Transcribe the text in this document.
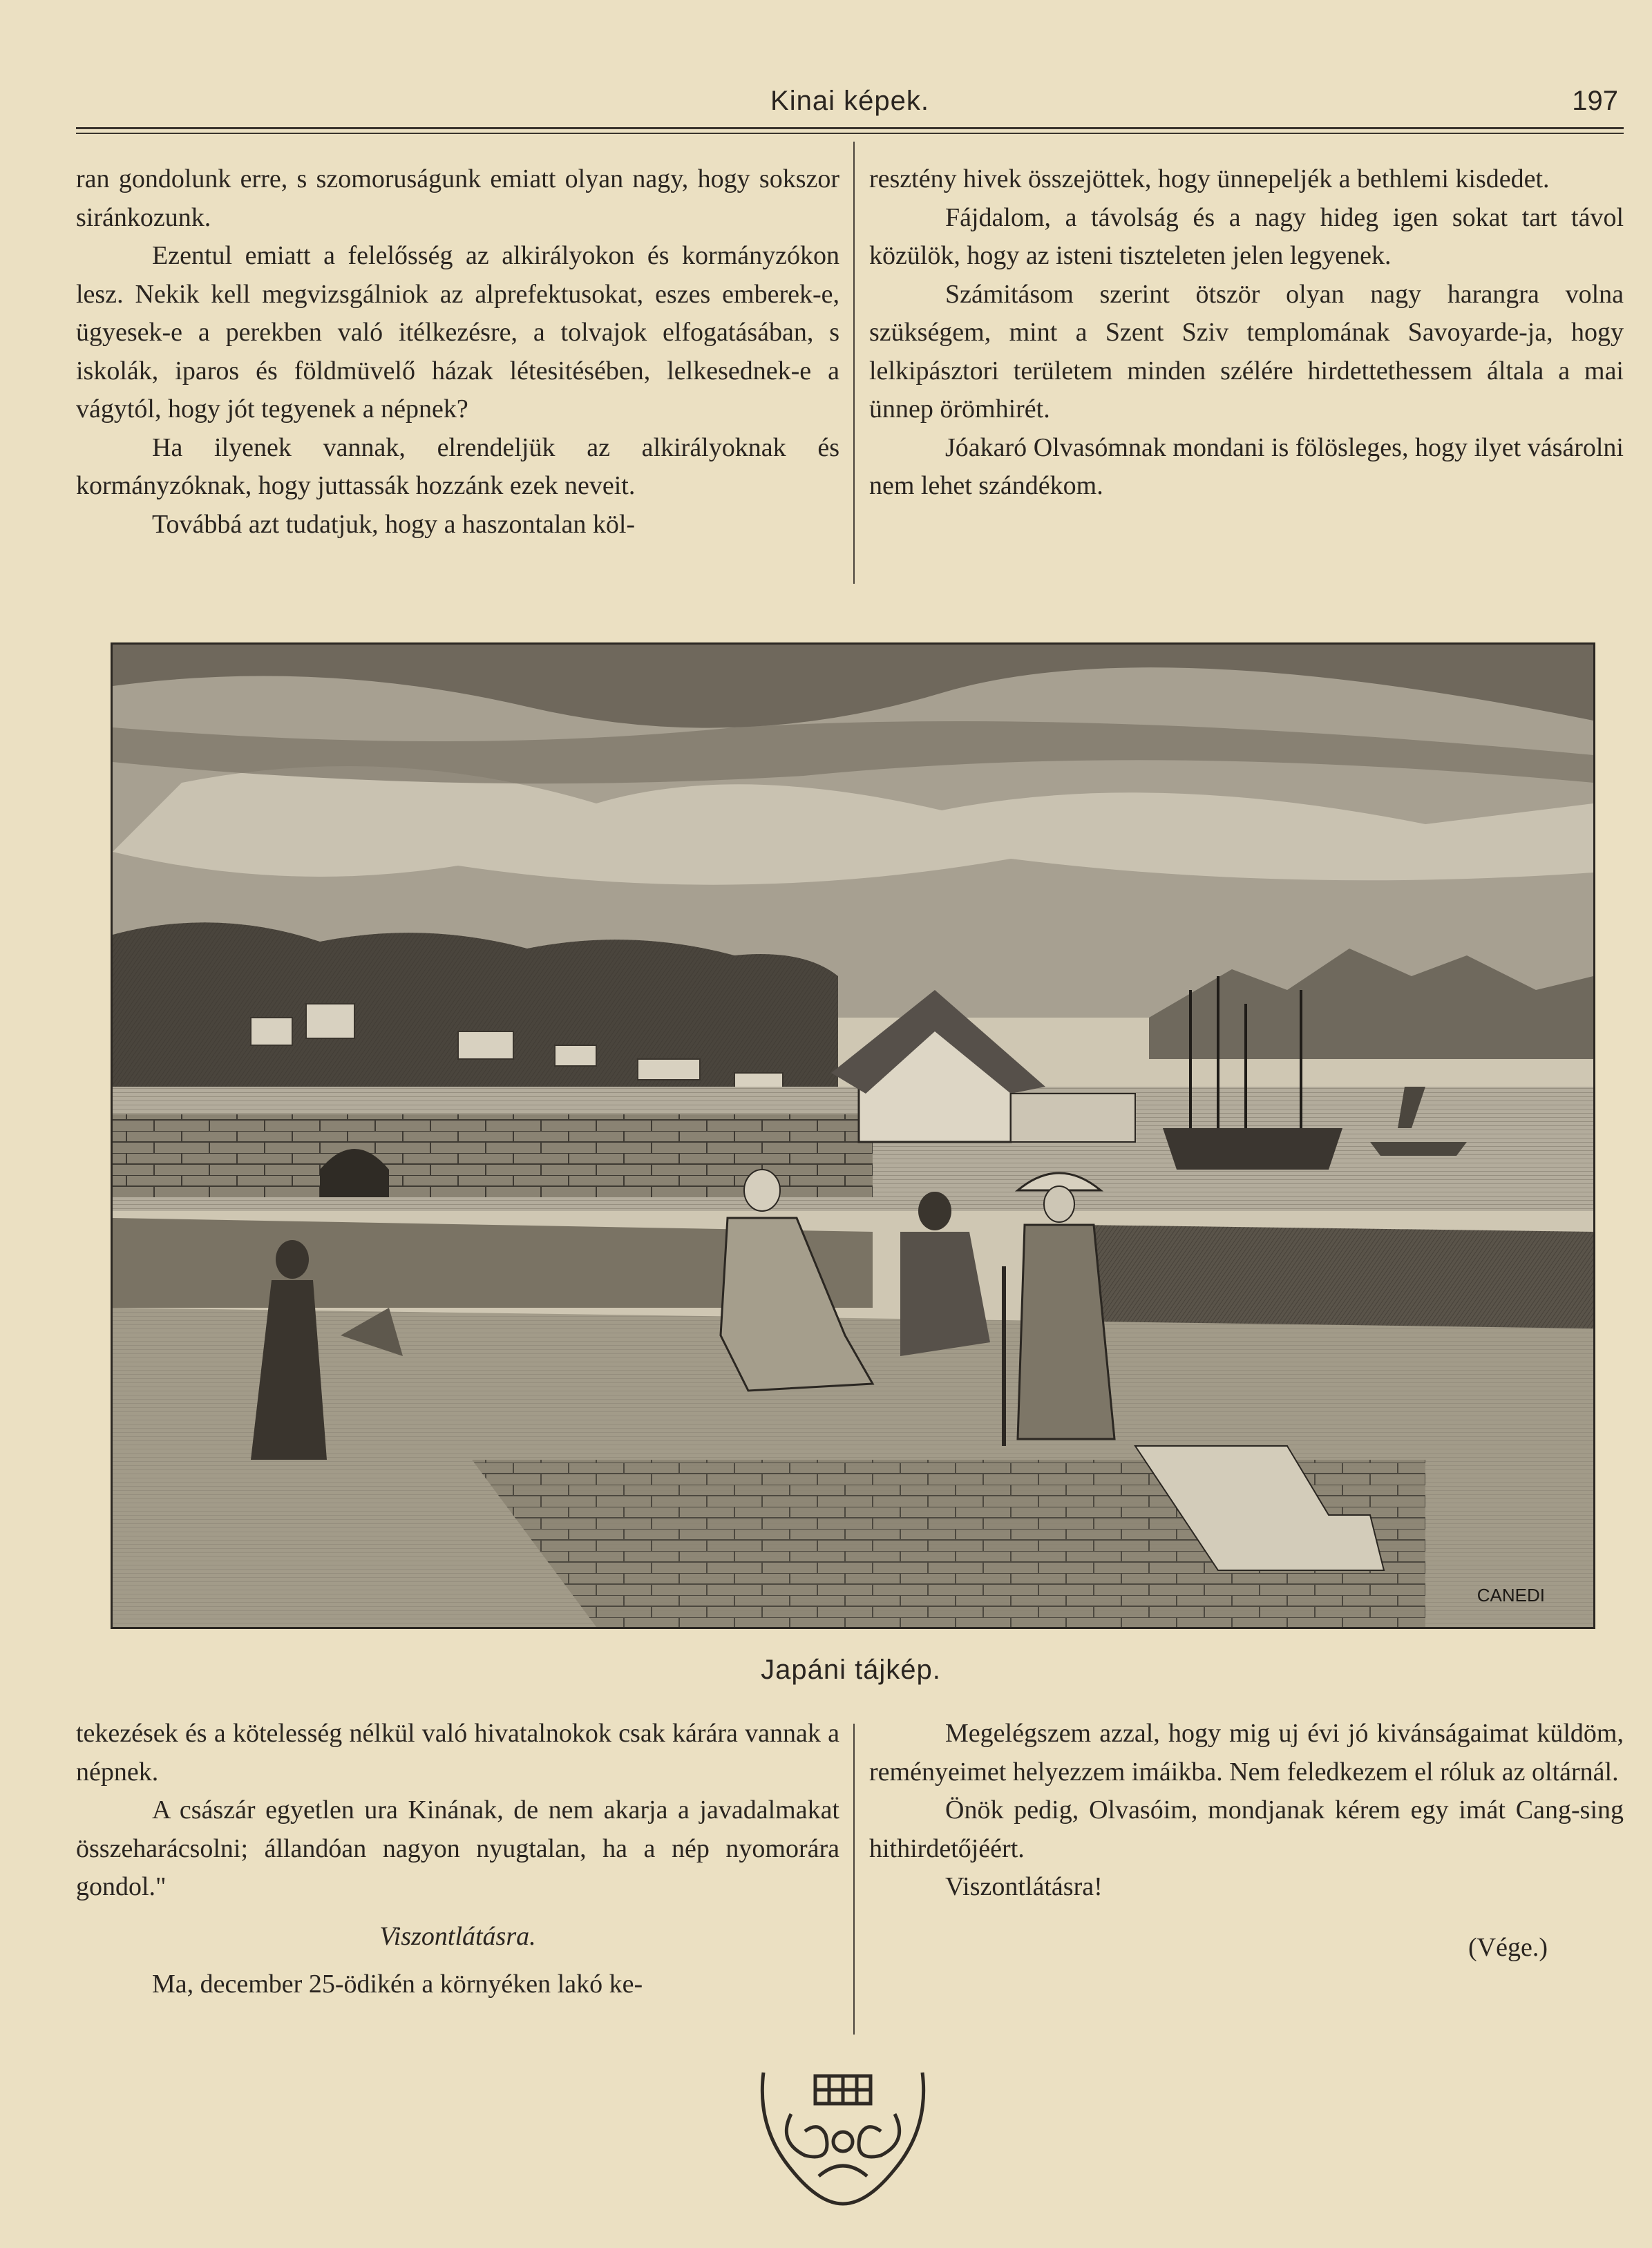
Kinai képek.	197

ran gondolunk erre, s szomoruságunk emiatt olyan nagy, hogy sokszor siránkozunk.

Ezentul emiatt a felelősség az alkirályokon és kormányzókon lesz. Nekik kell megvizsgálniok az alprefektusokat, eszes emberek-e, ügyesek-e a perekben való itélkezésre, a tolvajok elfogatásában, s iskolák, iparos és földmüvelő házak létesitésében, lelkesednek-e a vágytól, hogy jót tegyenek a népnek?

Ha ilyenek vannak, elrendeljük az alkirályoknak és kormányzóknak, hogy juttassák hozzánk ezek neveit.

Továbbá azt tudatjuk, hogy a haszontalan köl-

resztény hivek összejöttek, hogy ünnepeljék a bethlemi kisdedet.

Fájdalom, a távolság és a nagy hideg igen sokat tart távol közülök, hogy az isteni tiszteleten jelen legyenek.

Számitásom szerint ötször olyan nagy harangra volna szükségem, mint a Szent Sziv templomának Savoyarde-ja, hogy lelkipásztori területem minden szélére hirdettethessem általa a mai ünnep örömhirét.

Jóakaró Olvasómnak mondani is fölösleges, hogy ilyet vásárolni nem lehet szándékom.

CANEDI
Japáni tájkép.

tekezések és a kötelesség nélkül való hivatalnokok csak kárára vannak a népnek.

A császár egyetlen ura Kinának, de nem akarja a javadalmakat összeharácsolni; állandóan nagyon nyugtalan, ha a nép nyomorára gondol."

Viszontlátásra.

Ma, december 25-ödikén a környéken lakó ke-

Megelégszem azzal, hogy mig uj évi jó kivánságaimat küldöm, reményeimet helyezzem imáikba. Nem feledkezem el róluk az oltárnál.

Önök pedig, Olvasóim, mondjanak kérem egy imát Cang-sing hithirdetőjéért.

Viszontlátásra!

(Vége.)
